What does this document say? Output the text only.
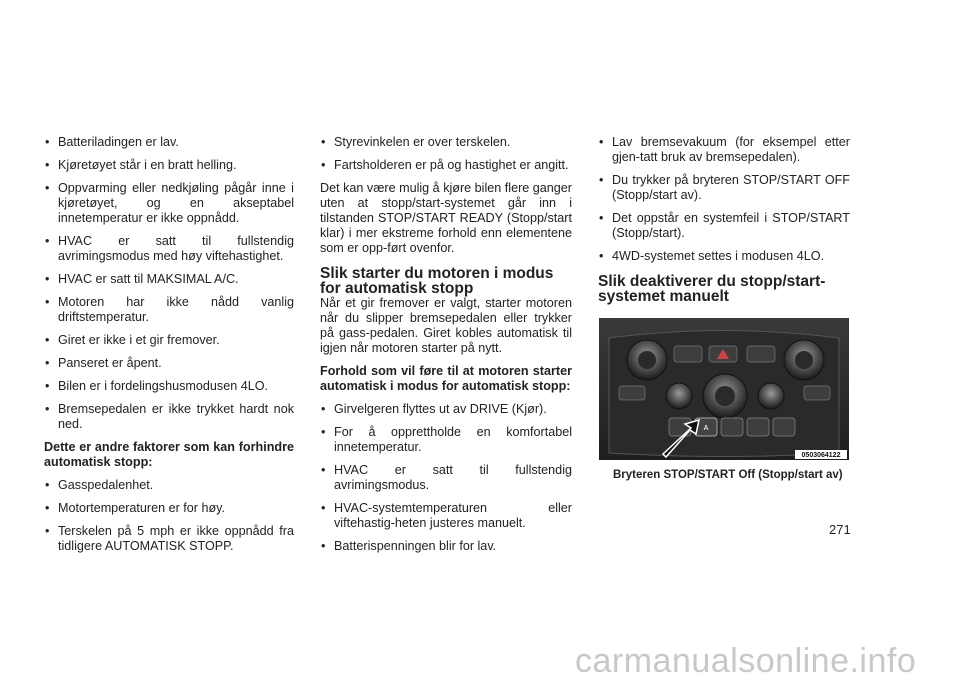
• Batteriladingen er lav.
• Kjøretøyet står i en bratt helling.
• Oppvarming eller nedkjøling pågår inne i kjøretøyet, og en akseptabel innetemperatur er ikke oppnådd.
• HVAC er satt til fullstendig avrimingsmodus med høy viftehastighet.
• HVAC er satt til MAKSIMAL A/C.
• Motoren har ikke nådd vanlig driftstemperatur.
• Giret er ikke i et gir fremover.
• Panseret er åpent.
• Bilen er i fordelingshusmodusen 4LO.
• Bremsepedalen er ikke trykket hardt nok ned.

Dette er andre faktorer som kan forhindre automatisk stopp:

• Gasspedalenhet.
• Motortemperaturen er for høy.
• Terskelen på 5 mph er ikke oppnådd fra tidligere AUTOMATISK STOPP.
• Styrevinkelen er over terskelen.
• Fartsholderen er på og hastighet er angitt.

Det kan være mulig å kjøre bilen flere ganger uten at stopp/start-systemet går inn i tilstanden STOP/START READY (Stopp/start klar) i mer ekstreme forhold enn elementene som er opp-ført ovenfor.

Slik starter du motoren i modus for automatisk stopp

Når et gir fremover er valgt, starter motoren når du slipper bremsepedalen eller trykker på gass-pedalen. Giret kobles automatisk til igjen når motoren starter på nytt.

Forhold som vil føre til at motoren starter automatisk i modus for automatisk stopp:

• Girvelgeren flyttes ut av DRIVE (Kjør).
• For å opprettholde en komfortabel innetemperatur.
• HVAC er satt til fullstendig avrimingsmodus.
• HVAC-systemtemperaturen eller viftehastig-heten justeres manuelt.
• Batterispenningen blir for lav.
• Lav bremsevakuum (for eksempel etter gjen-tatt bruk av bremsepedalen).
• Du trykker på bryteren STOP/START OFF (Stopp/start av).
• Det oppstår en systemfeil i STOP/START (Stopp/start).
• 4WD-systemet settes i modusen 4LO.
Slik deaktiverer du stopp/start-systemet manuelt
A
0503064122
Bryteren STOP/START Off (Stopp/start av)
271
carmanualsonline.info
